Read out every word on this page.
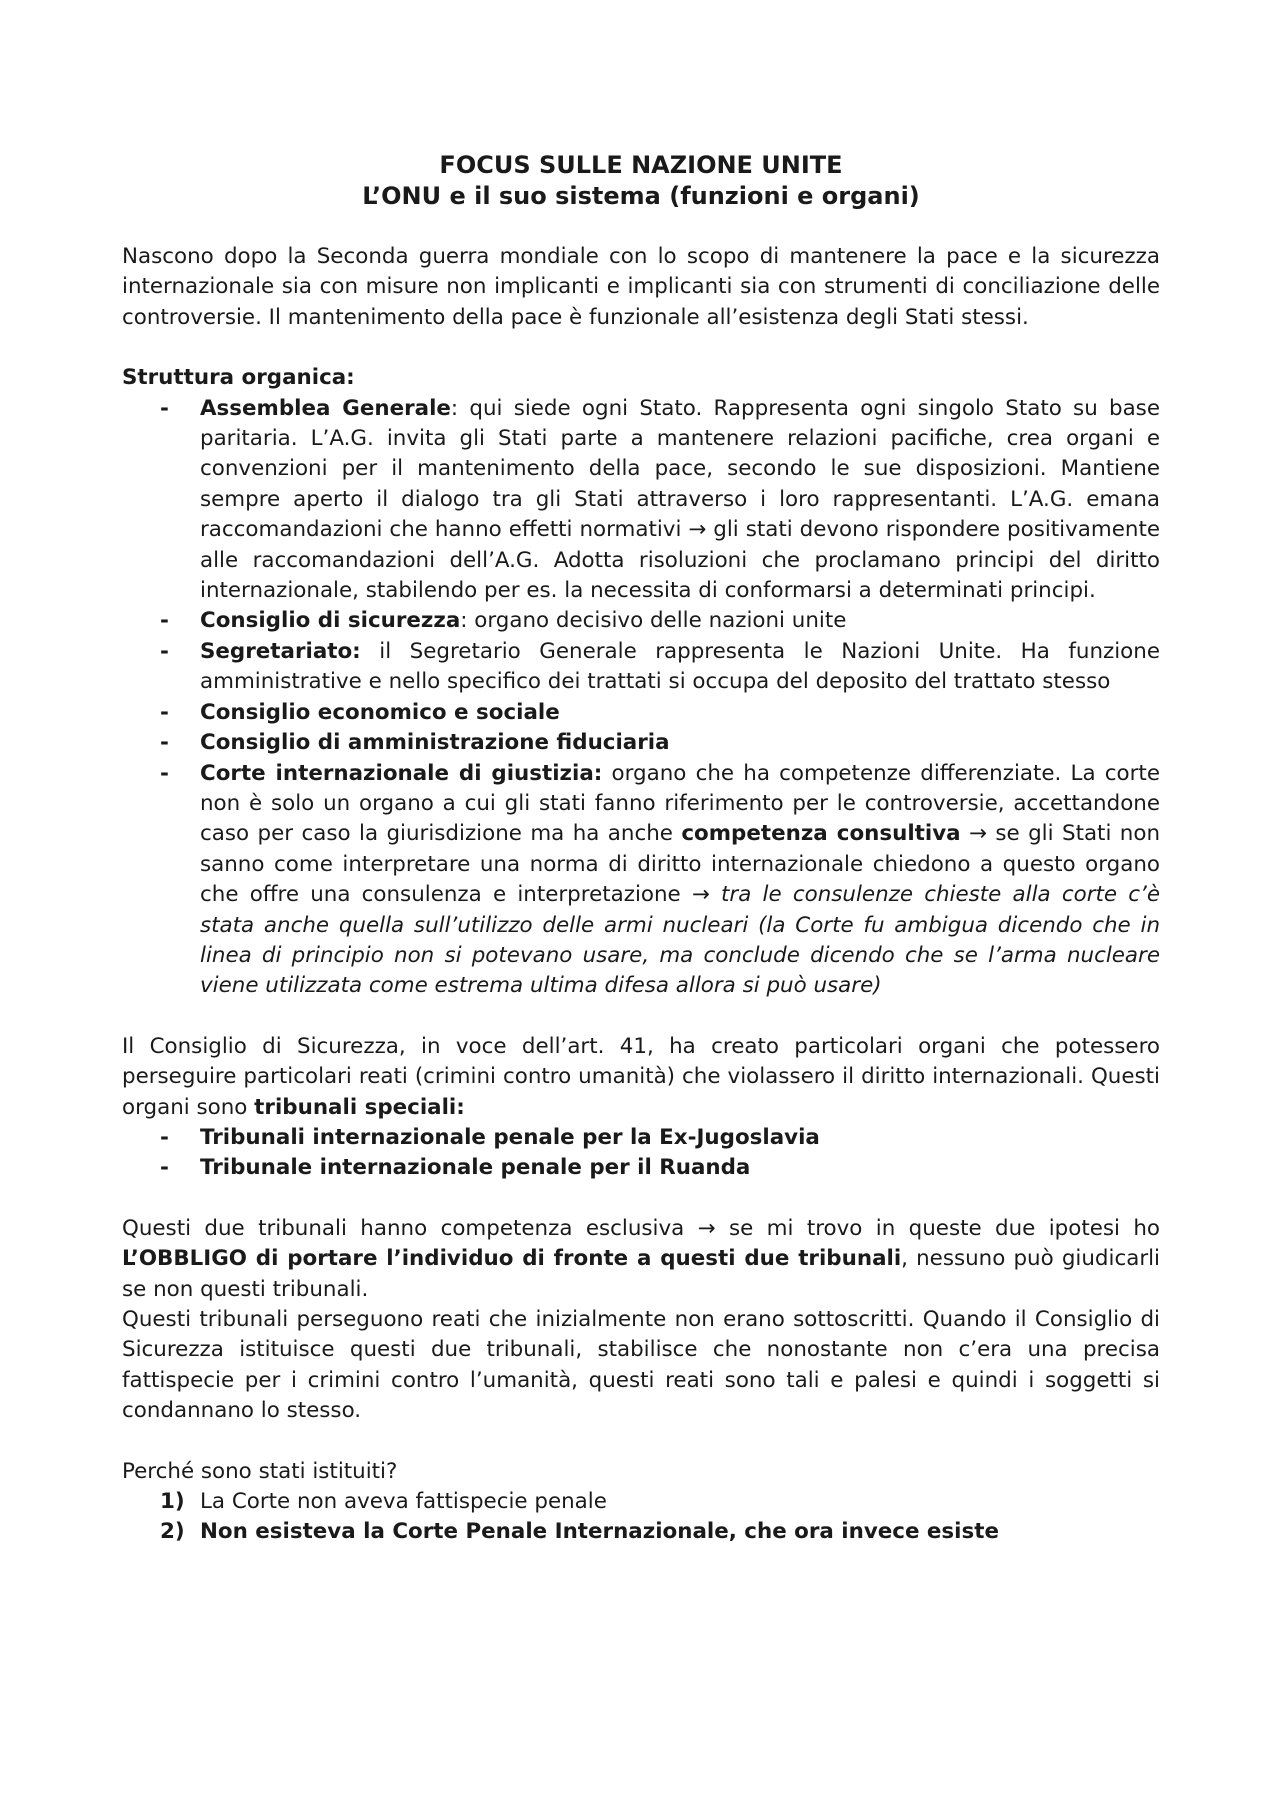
FOCUS SULLE NAZIONE UNITE

L’ONU e il suo sistema (funzioni e organi)

Nascono dopo la Seconda guerra mondiale con lo scopo di mantenere la pace e la sicurezza internazionale sia con misure non implicanti e implicanti sia con strumenti di conciliazione delle controversie. Il mantenimento della pace è funzionale all’esistenza degli Stati stessi.

Struttura organica:

- Assemblea Generale: qui siede ogni Stato. Rappresenta ogni singolo Stato su base paritaria. L’A.G. invita gli Stati parte a mantenere relazioni pacifiche, crea organi e convenzioni per il mantenimento della pace, secondo le sue disposizioni. Mantiene sempre aperto il dialogo tra gli Stati attraverso i loro rappresentanti. L’A.G. emana raccomandazioni che hanno effetti normativi → gli stati devono rispondere positivamente alle raccomandazioni dell’A.G. Adotta risoluzioni che proclamano principi del diritto internazionale, stabilendo per es. la necessita di conformarsi a determinati principi.
- Consiglio di sicurezza: organo decisivo delle nazioni unite
- Segretariato: il Segretario Generale rappresenta le Nazioni Unite. Ha funzione amministrative e nello specifico dei trattati si occupa del deposito del trattato stesso
- Consiglio economico e sociale
- Consiglio di amministrazione fiduciaria
- Corte internazionale di giustizia: organo che ha competenze differenziate. La corte non è solo un organo a cui gli stati fanno riferimento per le controversie, accettandone caso per caso la giurisdizione ma ha anche competenza consultiva → se gli Stati non sanno come interpretare una norma di diritto internazionale chiedono a questo organo che offre una consulenza e interpretazione → tra le consulenze chieste alla corte c’è stata anche quella sull’utilizzo delle armi nucleari (la Corte fu ambigua dicendo che in linea di principio non si potevano usare, ma conclude dicendo che se l’arma nucleare viene utilizzata come estrema ultima difesa allora si può usare)

Il Consiglio di Sicurezza, in voce dell’art. 41, ha creato particolari organi che potessero perseguire particolari reati (crimini contro umanità) che violassero il diritto internazionali. Questi organi sono tribunali speciali:

- Tribunali internazionale penale per la Ex-Jugoslavia
- Tribunale internazionale penale per il Ruanda

Questi due tribunali hanno competenza esclusiva → se mi trovo in queste due ipotesi ho L’OBBLIGO di portare l’individuo di fronte a questi due tribunali, nessuno può giudicarli se non questi tribunali.

Questi tribunali perseguono reati che inizialmente non erano sottoscritti. Quando il Consiglio di Sicurezza istituisce questi due tribunali, stabilisce che nonostante non c’era una precisa fattispecie per i crimini contro l’umanità, questi reati sono tali e palesi e quindi i soggetti si condannano lo stesso.

Perché sono stati istituiti?

1) La Corte non aveva fattispecie penale
2) Non esisteva la Corte Penale Internazionale, che ora invece esiste
